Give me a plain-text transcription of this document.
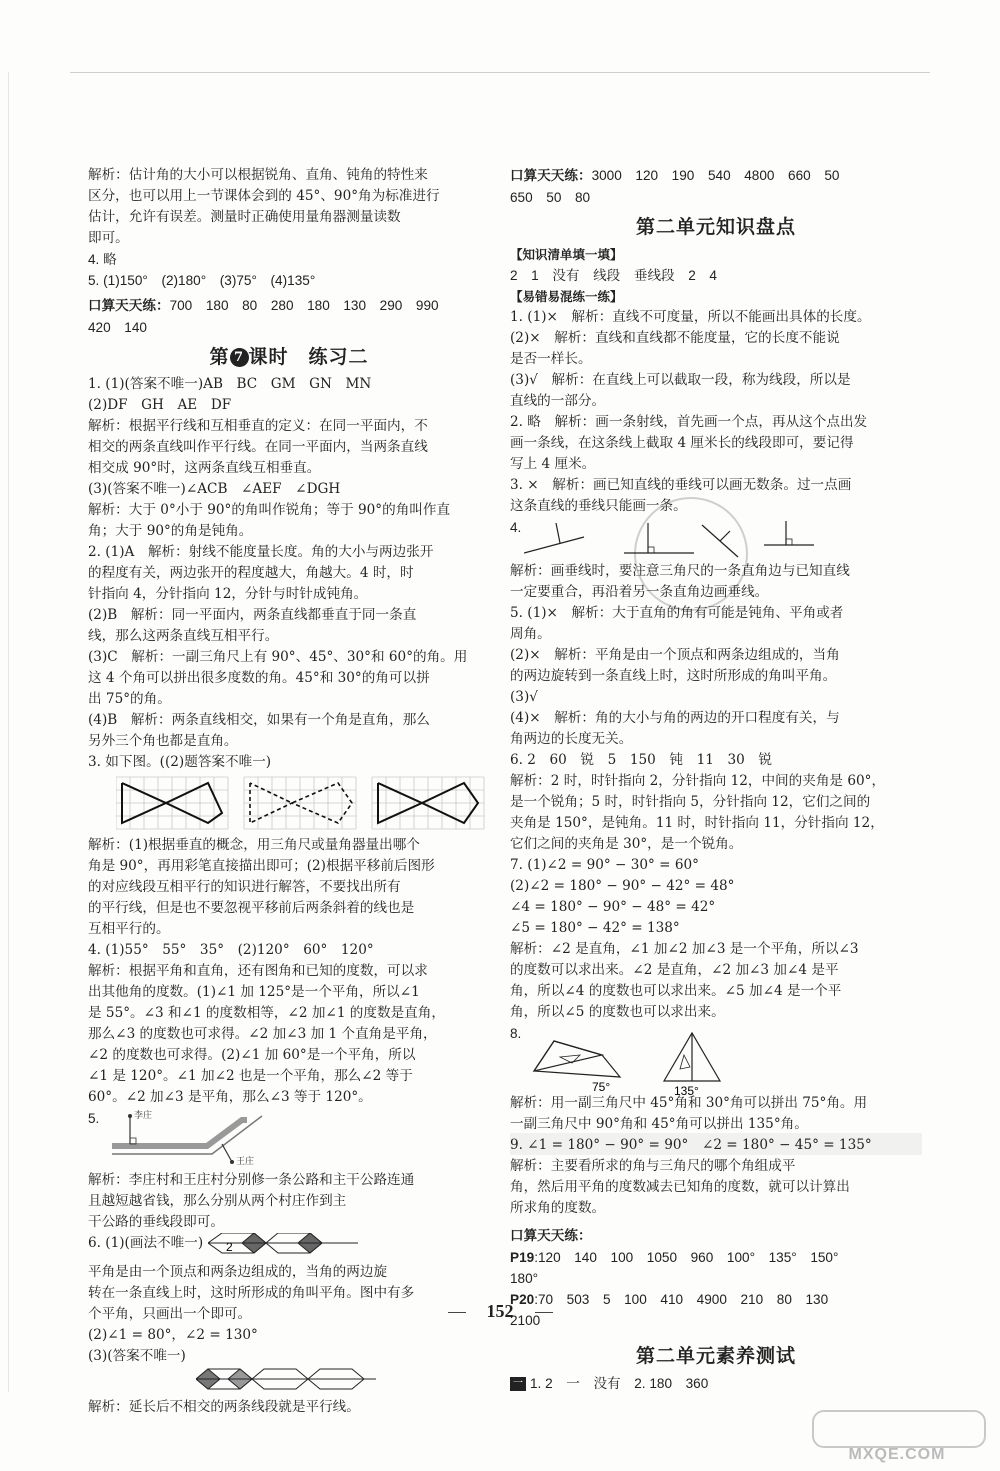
解析：估计角的大小可以根据锐角、直角、钝角的特性来
区分，也可以用上一节课体会到的 45°、90°角为标准进行
估计，允许有误差。测量时正确使用量角器测量读数
即可。
4. 略
5. (1)150°　(2)180°　(3)75°　(4)135°
口算天天练：700　180　80　280　180　130　290　990
420　140
第 7 课时　练习二
1. (1)(答案不唯一)AB　BC　GM　GN　MN
(2)DF　GH　AE　DF
解析：根据平行线和互相垂直的定义：在同一平面内，不
相交的两条直线叫作平行线。在同一平面内，当两条直线
相交成 90°时，这两条直线互相垂直。
(3)(答案不唯一)∠ACB　∠AEF　∠DGH
解析：大于 0°小于 90°的角叫作锐角；等于 90°的角叫作直
角；大于 90°的角是钝角。
2. (1)A　解析：射线不能度量长度。角的大小与两边张开
的程度有关，两边张开的程度越大，角越大。4 时，时
针指向 4，分针指向 12，分针与时针成钝角。
(2)B　解析：同一平面内，两条直线都垂直于同一条直
线，那么这两条直线互相平行。
(3)C　解析：一副三角尺上有 90°、45°、30°和 60°的角。用
这 4 个角可以拼出很多度数的角。45°和 30°的角可以拼
出 75°的角。
(4)B　解析：两条直线相交，如果有一个角是直角，那么
另外三个角也都是直角。
3. 如下图。((2)题答案不唯一)
解析：(1)根据垂直的概念，用三角尺或量角器量出哪个
角是 90°，再用彩笔直接描出即可；(2)根据平移前后图形
的对应线段互相平行的知识进行解答，不要找出所有
的平行线，但是也不要忽视平移前后两条斜着的线也是
互相平行的。
4. (1)55°　55°　35°　(2)120°　60°　120°
解析：根据平角和直角，还有图角和已知的度数，可以求
出其他角的度数。(1)∠1 加 125°是一个平角，所以∠1
是 55°。∠3 和∠1 的度数相等，∠2 加∠1 的度数是直角，
那么∠3 的度数也可求得。∠2 加∠3 加 1 个直角是平角，
∠2 的度数也可求得。(2)∠1 加 60°是一个平角，所以
∠1 是 120°。∠1 加∠2 也是一个平角，那么∠2 等于
60°。∠2 加∠3 是平角，那么∠3 等于 120°。
5.	李庄
王庄
解析：李庄村和王庄村分别修一条公路和主干公路连通
且越短越省钱，那么分别从两个村庄作到主
干公路的垂线段即可。
6. (1)(画法不唯一) 2
1
平角是由一个顶点和两条边组成的，当角的两边旋
转在一条直线上时，这时所形成的角叫平角。图中有多
个平角，只画出一个即可。
(2)∠1 = 80°，∠2 = 130°
(3)(答案不唯一)
解析：延长后不相交的两条线段就是平行线。
口算天天练：3000　120　190　540　4800　660　50
650　50　80
第二单元知识盘点
【知识清单填一填】
2　1　没有　线段　垂线段　2　4
【易错易混练一练】
1. (1)×　解析：直线不可度量，所以不能画出具体的长度。
(2)×　解析：直线和直线都不能度量，它的长度不能说
是否一样长。
(3)√　解析：在直线上可以截取一段，称为线段，所以是
直线的一部分。
2. 略　解析：画一条射线，首先画一个点，再从这个点出发
画一条线，在这条线上截取 4 厘米长的线段即可，要记得
写上 4 厘米。
3. ×　解析：画已知直线的垂线可以画无数条。过一点画
这条直线的垂线只能画一条。
4.
解析：画垂线时，要注意三角尺的一条直角边与已知直线
一定要重合，再沿着另一条直角边画垂线。
5. (1)×　解析：大于直角的角有可能是钝角、平角或者
周角。
(2)×　解析：平角是由一个顶点和两条边组成的，当角
的两边旋转到一条直线上时，这时所形成的角叫平角。
(3)√
(4)×　解析：角的大小与角的两边的开口程度有关，与
角两边的长度无关。
6. 2　60　锐　5　150　钝　11　30　锐
解析：2 时，时针指向 2，分针指向 12，中间的夹角是 60°，
是一个锐角；5 时，时针指向 5，分针指向 12，它们之间的
夹角是 150°，是钝角。11 时，时针指向 11，分针指向 12，
它们之间的夹角是 30°，是一个锐角。
7. (1)∠2 = 90° − 30° = 60°
(2)∠2 = 180° − 90° − 42° = 48°
∠4 = 180° − 90° − 48° = 42°
∠5 = 180° − 42° = 138°
解析：∠2 是直角，∠1 加∠2 加∠3 是一个平角，所以∠3
的度数可以求出来。∠2 是直角，∠2 加∠3 加∠4 是平
角，所以∠4 的度数也可以求出来。∠5 加∠4 是一个平
角，所以∠5 的度数也可以求出来。
8.
75°	135°
解析：用一副三角尺中 45°角和 30°角可以拼出 75°角。用
一副三角尺中 90°角和 45°角可以拼出 135°角。
9. ∠1 = 180° − 90° = 90°　∠2 = 180° − 45° = 135°
解析：主要看所求的角与三角尺的哪个角组成平
角，然后用平角的度数减去已知角的度数，就可以计算出
所求角的度数。
口算天天练：
P19:120　140　100　1050　960　100°　135°　150°
180°
P20:70　503　5　100　410　4900　210　80　130
2100
第二单元素养测试
一 1. 2　一　没有　2. 180　360
152
MXQE.COM
